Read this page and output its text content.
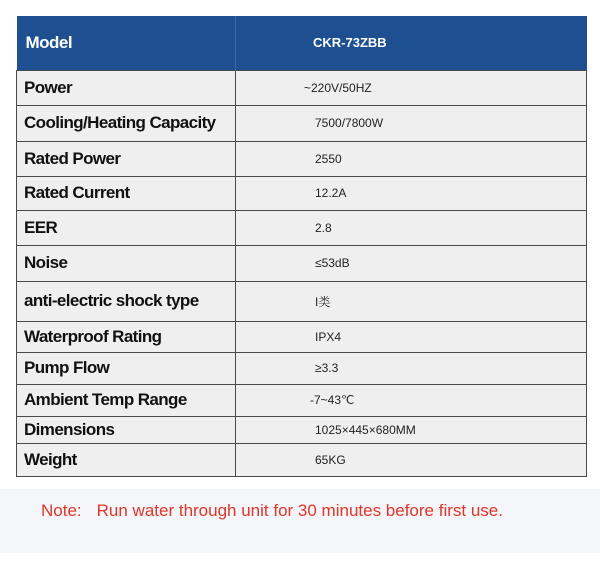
Model	CKR-73ZBB
Power	~220V/50HZ
Cooling/Heating Capacity	7500/7800W
Rated Power	2550
Rated Current	12.2A
EER	2.8
Noise	≤53dB
anti-electric shock type	I类
Waterproof Rating	IPX4
Pump Flow	≥3.3
Ambient Temp Range	-7~43℃
Dimensions	1025×445×680MM
Weight	65KG
Note: Run water through unit for 30 minutes before first use.
